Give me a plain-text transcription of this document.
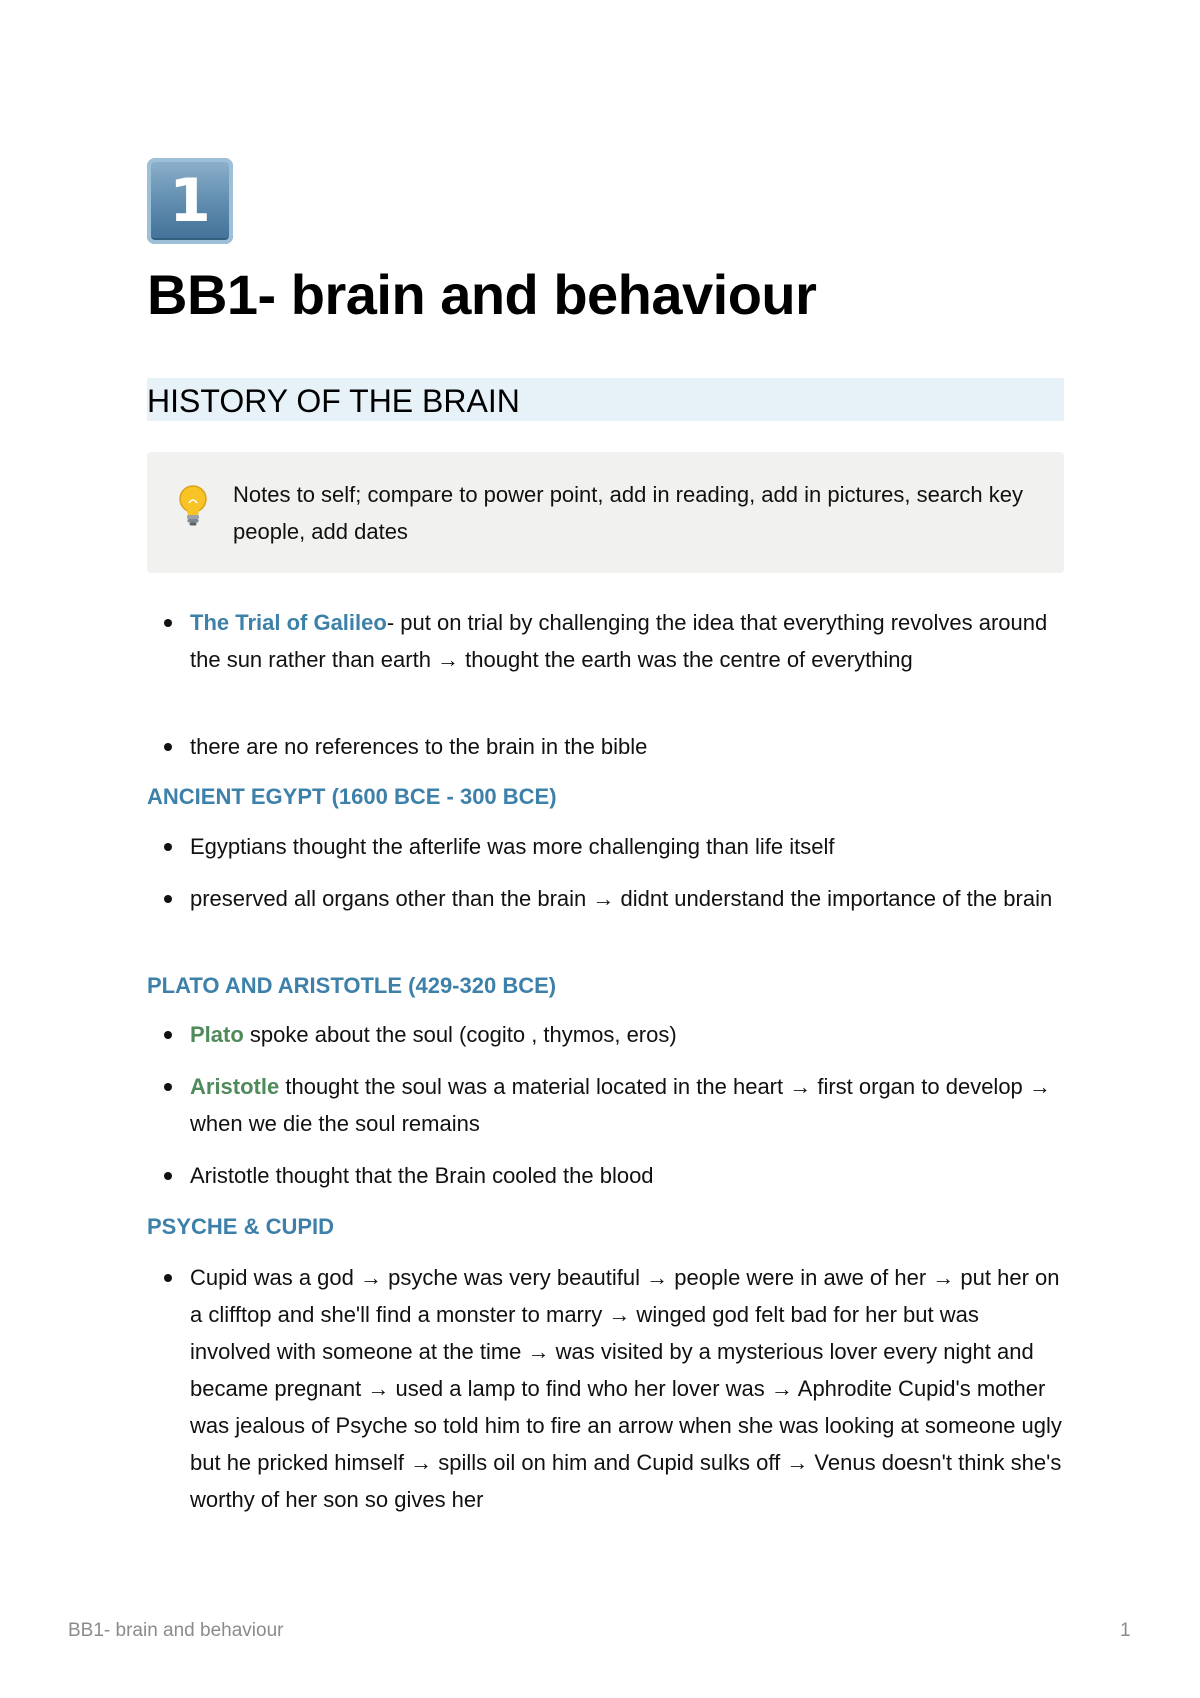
1
BB1- brain and behaviour
HISTORY OF THE BRAIN
Notes to self; compare to power point, add in reading, add in pictures, search key people, add dates
The Trial of Galileo- put on trial by challenging the idea that everything revolves around the sun rather than earth → thought the earth was the centre of everything
there are no references to the brain in the bible
ANCIENT EGYPT (1600 BCE - 300 BCE)
Egyptians thought the afterlife was more challenging than life itself
preserved all organs other than the brain → didnt understand the importance of the brain
PLATO AND ARISTOTLE (429-320 BCE)
Plato spoke about the soul (cogito , thymos, eros)
Aristotle thought the soul was a material located in the heart → first organ to develop → when we die the soul remains
Aristotle thought that the Brain cooled the blood
PSYCHE & CUPID
Cupid was a god → psyche was very beautiful → people were in awe of her → put her on a clifftop and she'll find a monster to marry → winged god felt bad for her but was involved with someone at the time → was visited by a mysterious lover every night and became pregnant → used a lamp to find who her lover was → Aphrodite Cupid's mother was jealous of Psyche so told him to fire an arrow when she was looking at someone ugly but he pricked himself → spills oil on him and Cupid sulks off → Venus doesn't think she's worthy of her son so gives her
BB1- brain and behaviour	1
